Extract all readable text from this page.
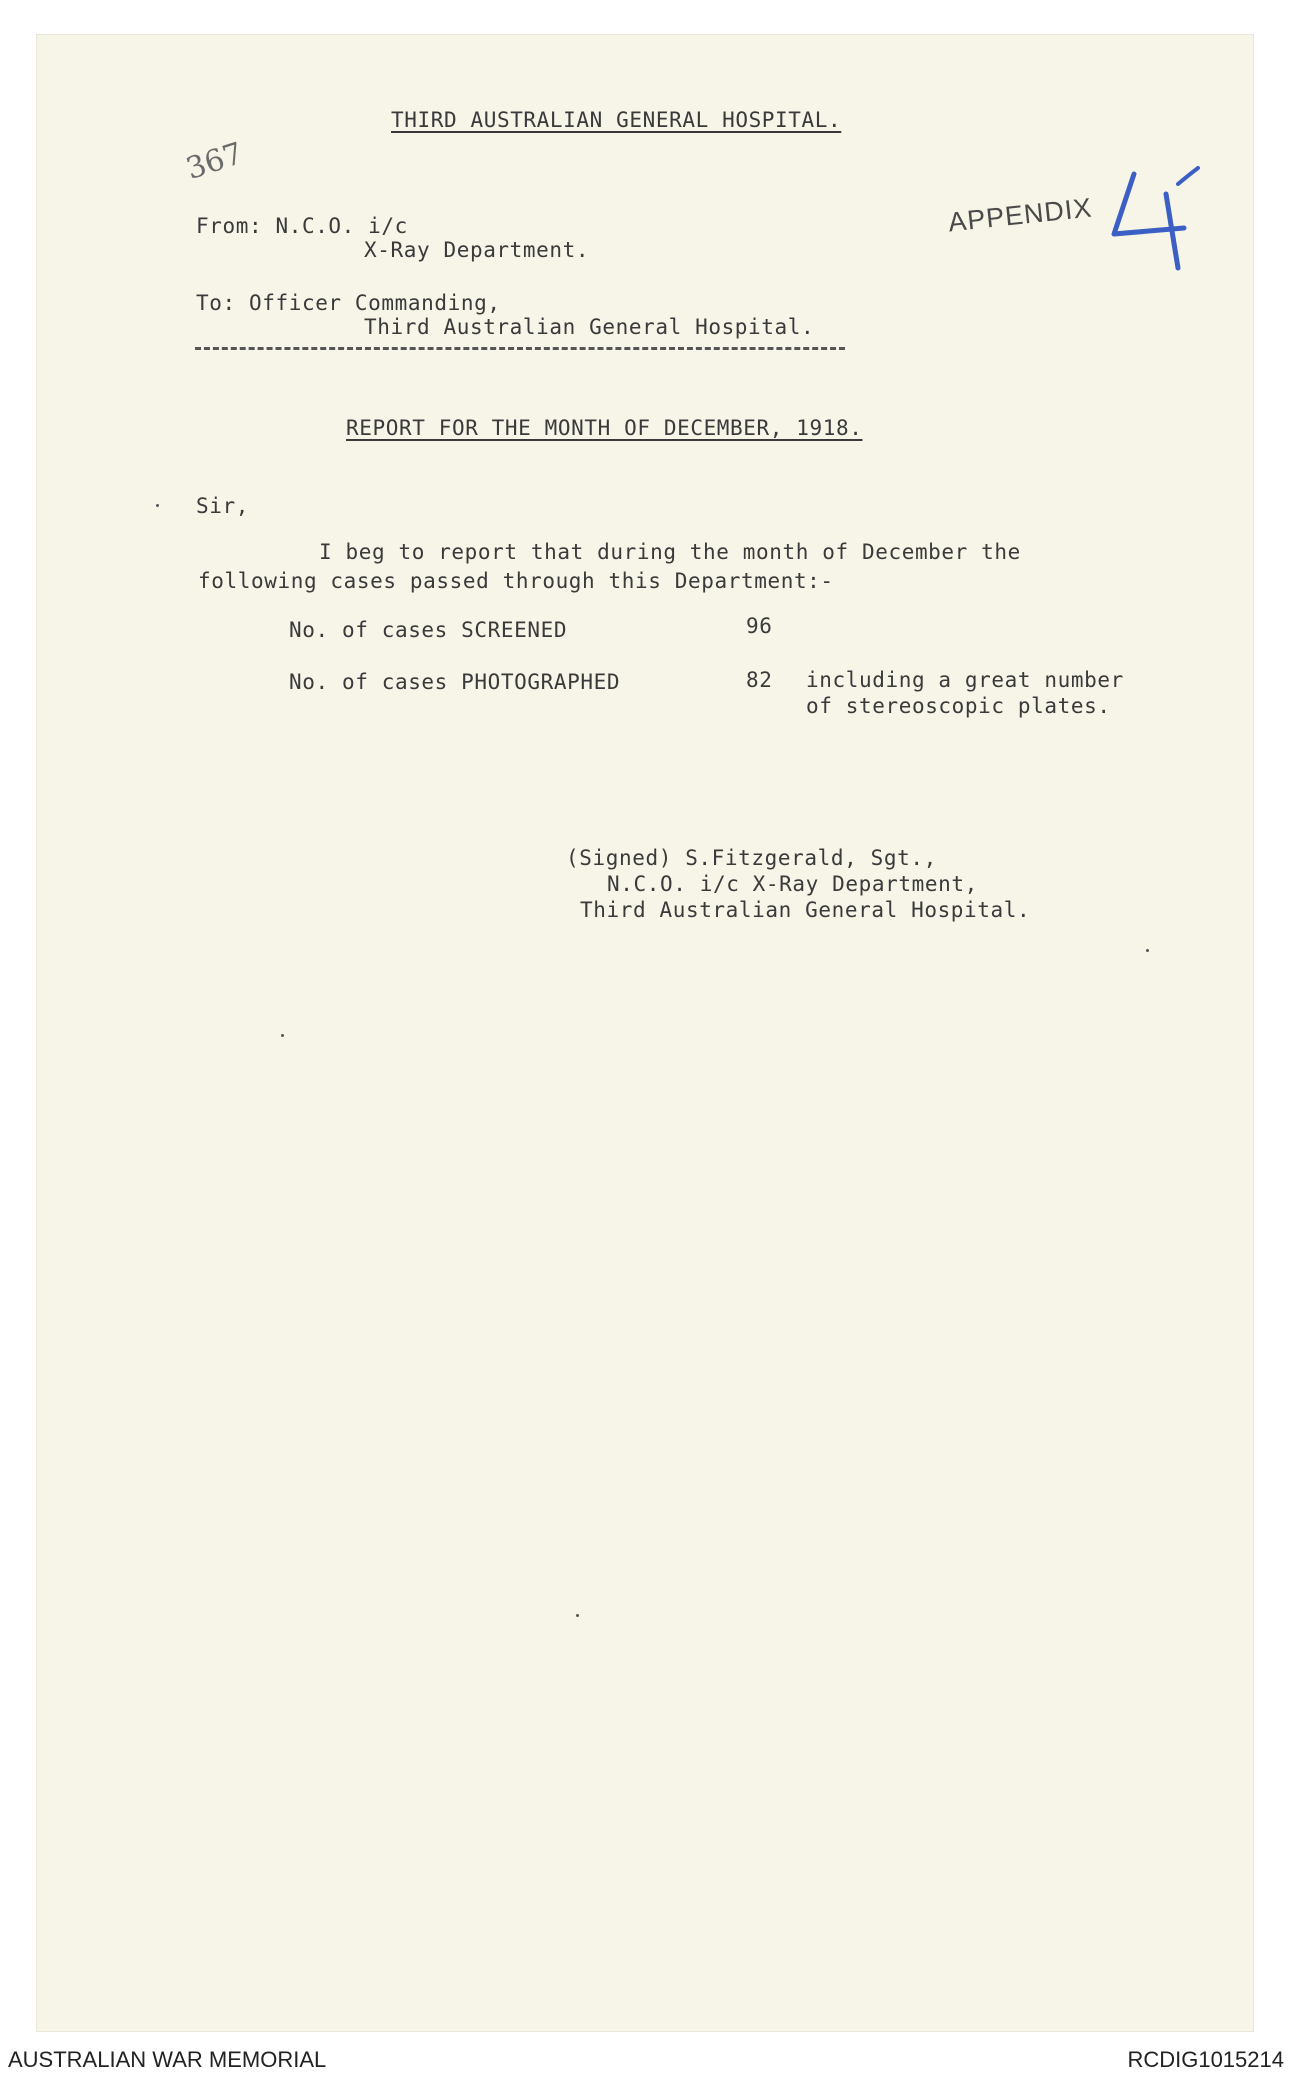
THIRD AUSTRALIAN GENERAL HOSPITAL.
367
APPENDIX
From: N.C.O. i/c
X-Ray Department.
To: Officer Commanding,
Third Australian General Hospital.
REPORT FOR THE MONTH OF DECEMBER, 1918.
Sir,
I beg to report that during the month of December the
following cases passed through this Department:-
No. of cases SCREENED	96
No. of cases PHOTOGRAPHED	82 including a great number
of stereoscopic plates.
(Signed) S.Fitzgerald, Sgt.,
N.C.O. i/c X-Ray Department,
Third Australian General Hospital.
AUSTRALIAN WAR MEMORIAL	RCDIG1015214
